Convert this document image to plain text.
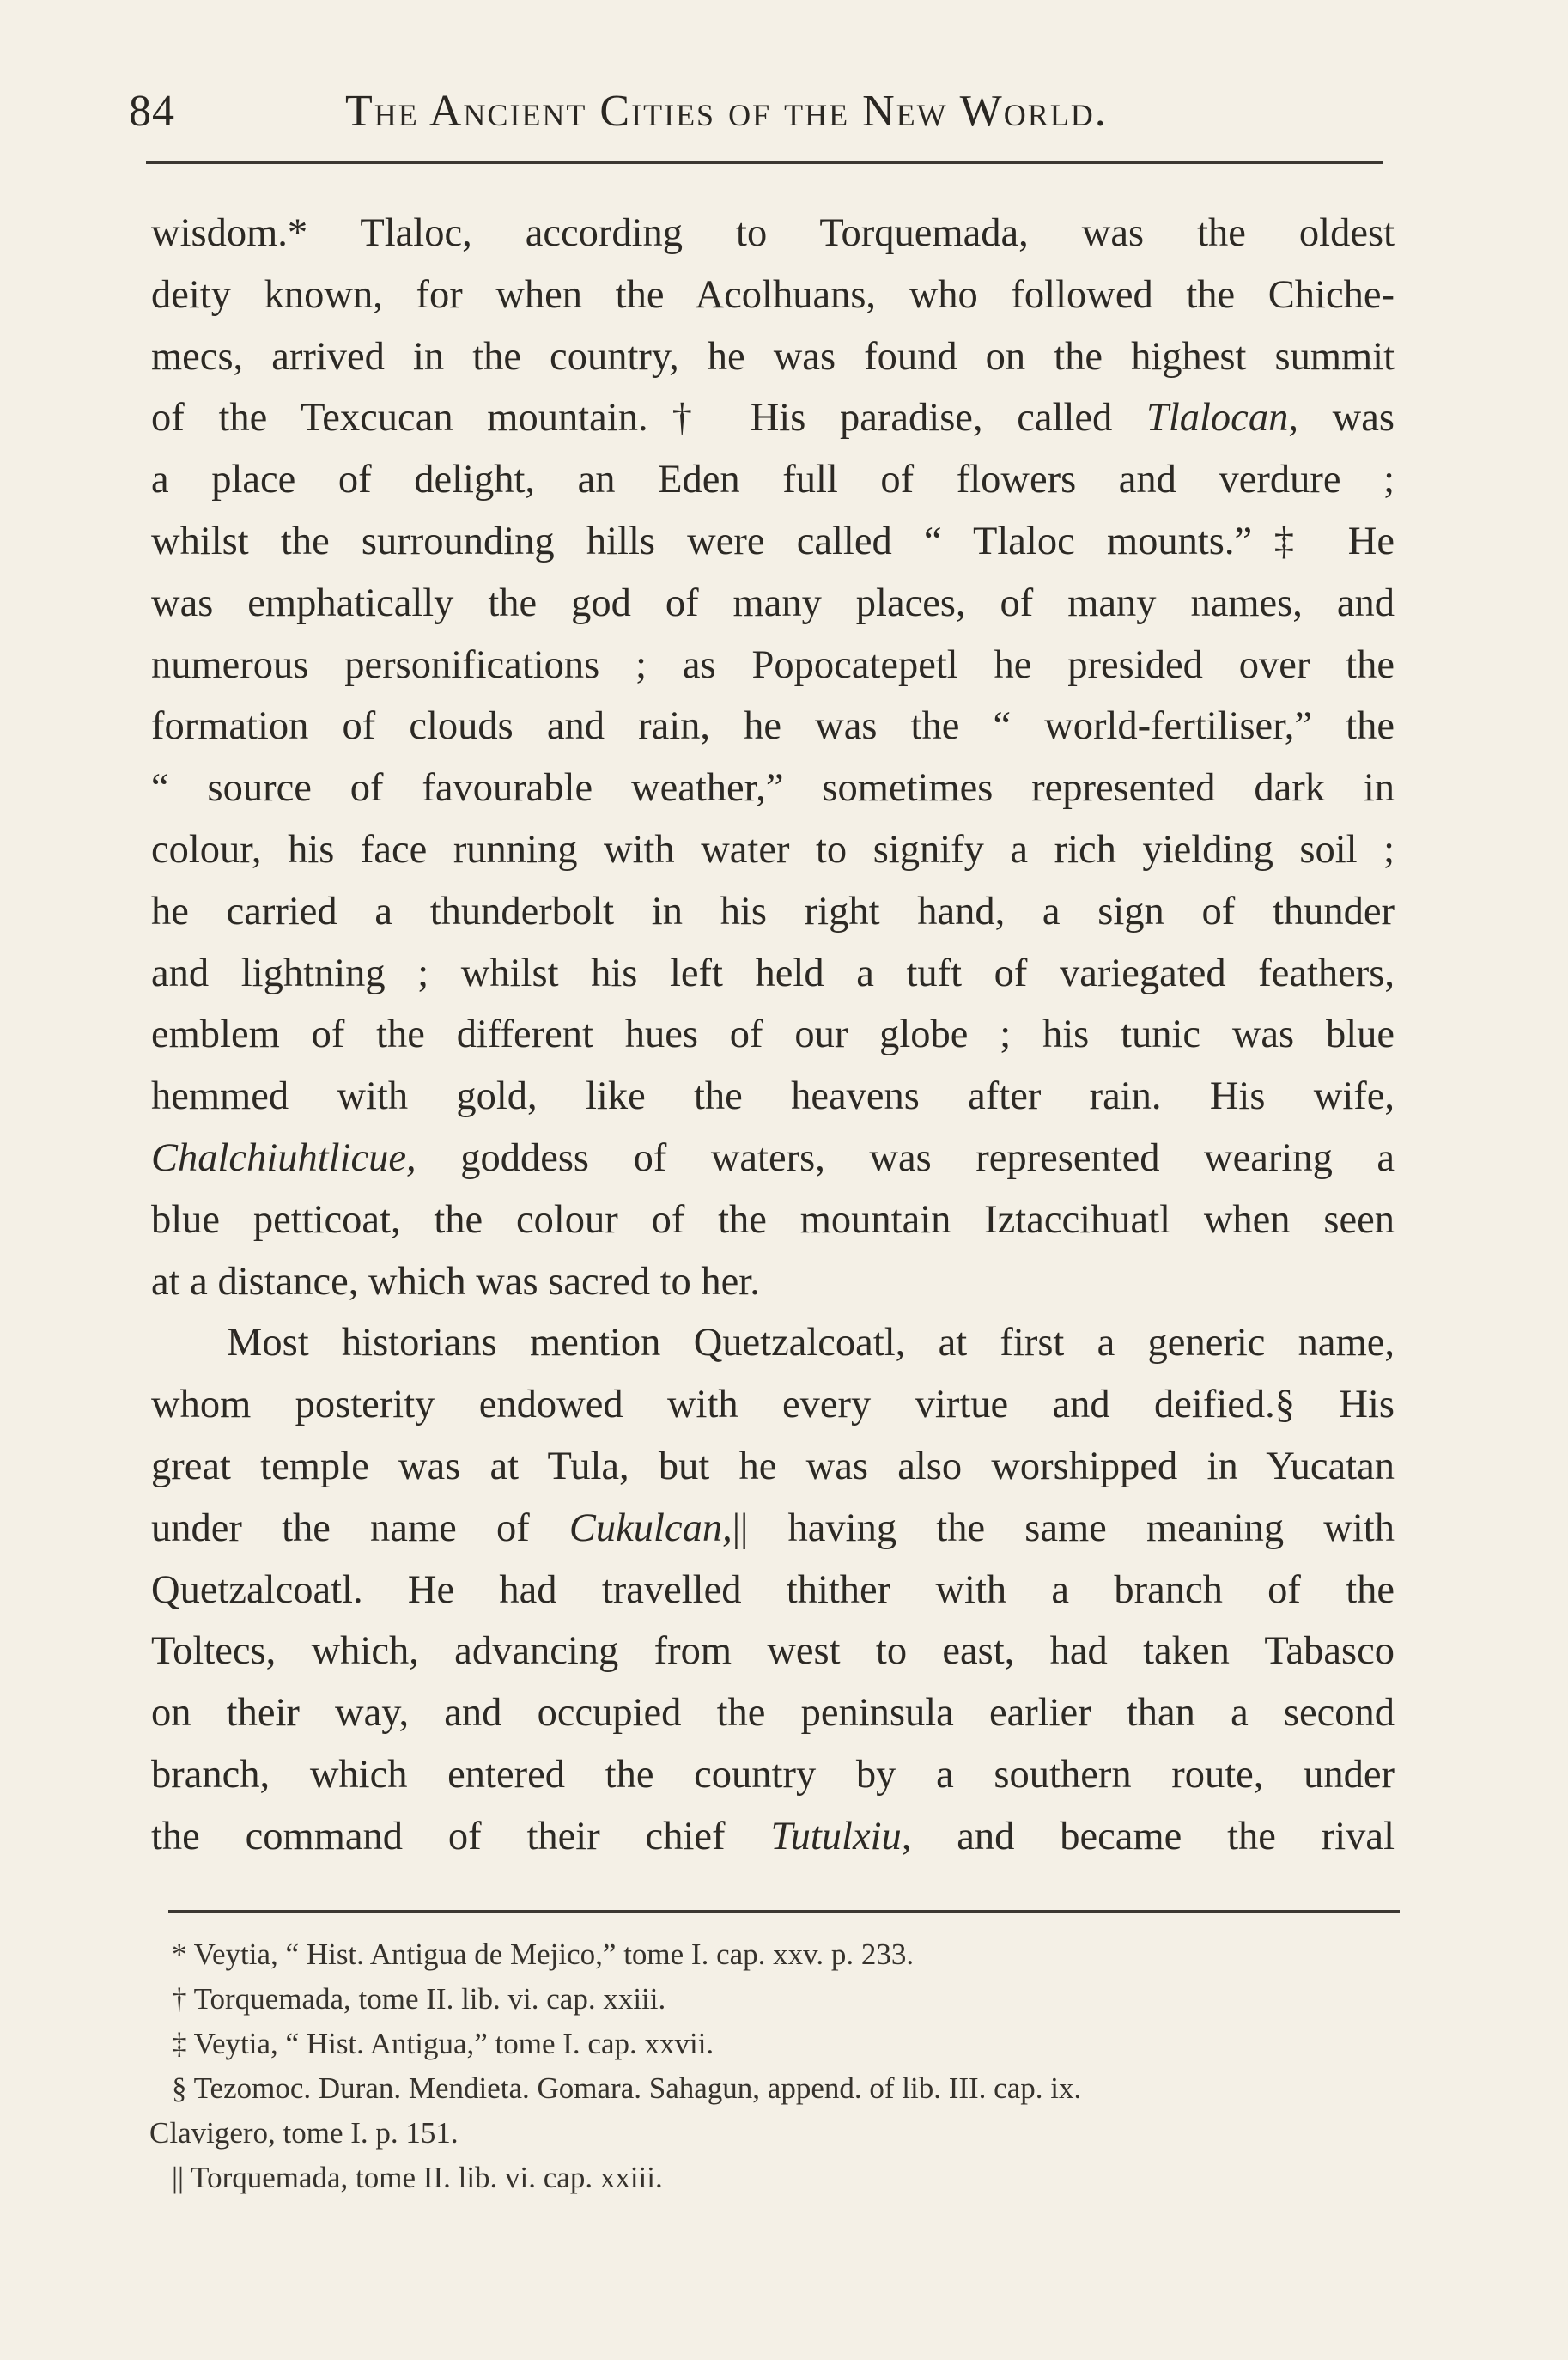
84	The Ancient Cities of the New World.
wisdom.* Tlaloc, according to Torquemada, was the oldest
deity known, for when the Acolhuans, who followed the Chiche-
mecs, arrived in the country, he was found on the highest summit
of the Texcucan mountain.† His paradise, called Tlalocan, was
a place of delight, an Eden full of flowers and verdure ;
whilst the surrounding hills were called “ Tlaloc mounts.”‡ He
was emphatically the god of many places, of many names, and
numerous personifications ; as Popocatepetl he presided over the
formation of clouds and rain, he was the “ world-fertiliser,” the
“ source of favourable weather,” sometimes represented dark in
colour, his face running with water to signify a rich yielding soil ;
he carried a thunderbolt in his right hand, a sign of thunder
and lightning ; whilst his left held a tuft of variegated feathers,
emblem of the different hues of our globe ; his tunic was blue
hemmed with gold, like the heavens after rain. His wife,
Chalchiuhtlicue, goddess of waters, was represented wearing a
blue petticoat, the colour of the mountain Iztaccihuatl when seen
at a distance, which was sacred to her.
Most historians mention Quetzalcoatl, at first a generic name,
whom posterity endowed with every virtue and deified.§ His
great temple was at Tula, but he was also worshipped in Yucatan
under the name of Cukulcan,|| having the same meaning with
Quetzalcoatl. He had travelled thither with a branch of the
Toltecs, which, advancing from west to east, had taken Tabasco
on their way, and occupied the peninsula earlier than a second
branch, which entered the country by a southern route, under
the command of their chief Tutulxiu, and became the rival
* Veytia, “ Hist. Antigua de Mejico,” tome I. cap. xxv. p. 233.
† Torquemada, tome II. lib. vi. cap. xxiii.
‡ Veytia, “ Hist. Antigua,” tome I. cap. xxvii.
§ Tezomoc. Duran. Mendieta. Gomara. Sahagun, append. of lib. III. cap. ix.
Clavigero, tome I. p. 151.
|| Torquemada, tome II. lib. vi. cap. xxiii.
